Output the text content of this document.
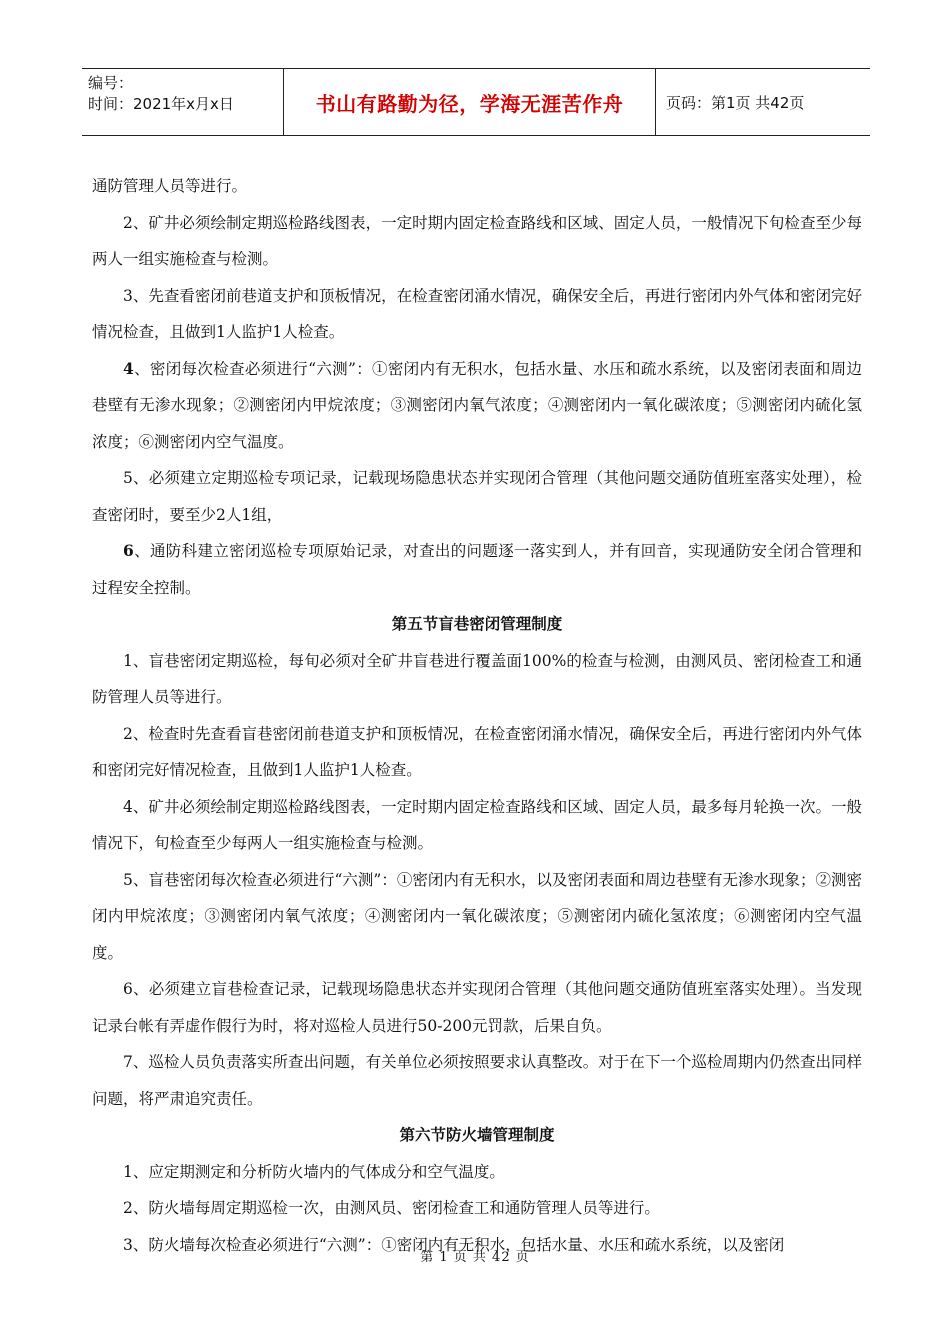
编号：
时间：2021年x月x日	书山有路勤为径，学海无涯苦作舟	页码：第1页 共42页

通防管理人员等进行。

2、矿井必须绘制定期巡检路线图表，一定时期内固定检查路线和区域、固定人员，一般情况下旬检查至少每两人一组实施检查与检测。

3、先查看密闭前巷道支护和顶板情况，在检查密闭涌水情况，确保安全后，再进行密闭内外气体和密闭完好情况检查，且做到1人监护1人检查。

4、密闭每次检查必须进行“六测”：①密闭内有无积水，包括水量、水压和疏水系统，以及密闭表面和周边巷壁有无渗水现象；②测密闭内甲烷浓度；③测密闭内氧气浓度；④测密闭内一氧化碳浓度；⑤测密闭内硫化氢浓度；⑥测密闭内空气温度。

5、必须建立定期巡检专项记录，记载现场隐患状态并实现闭合管理（其他问题交通防值班室落实处理），检查密闭时，要至少2人1组，

6、通防科建立密闭巡检专项原始记录，对查出的问题逐一落实到人，并有回音，实现通防安全闭合管理和过程安全控制。

第五节盲巷密闭管理制度

1、盲巷密闭定期巡检，每旬必须对全矿井盲巷进行覆盖面100%的检查与检测，由测风员、密闭检查工和通防管理人员等进行。

2、检查时先查看盲巷密闭前巷道支护和顶板情况，在检查密闭涌水情况，确保安全后，再进行密闭内外气体和密闭完好情况检查，且做到1人监护1人检查。

4、矿井必须绘制定期巡检路线图表，一定时期内固定检查路线和区域、固定人员，最多每月轮换一次。一般情况下，旬检查至少每两人一组实施检查与检测。

5、盲巷密闭每次检查必须进行“六测”：①密闭内有无积水，以及密闭表面和周边巷壁有无渗水现象；②测密闭内甲烷浓度；③测密闭内氧气浓度；④测密闭内一氧化碳浓度；⑤测密闭内硫化氢浓度；⑥测密闭内空气温度。

6、必须建立盲巷检查记录，记载现场隐患状态并实现闭合管理（其他问题交通防值班室落实处理）。当发现记录台帐有弄虚作假行为时，将对巡检人员进行50-200元罚款，后果自负。

7、巡检人员负责落实所查出问题，有关单位必须按照要求认真整改。对于在下一个巡检周期内仍然查出同样问题，将严肃追究责任。

第六节防火墙管理制度

1、应定期测定和分析防火墙内的气体成分和空气温度。

2、防火墙每周定期巡检一次，由测风员、密闭检查工和通防管理人员等进行。

3、防火墙每次检查必须进行“六测”：①密闭内有无积水，包括水量、水压和疏水系统，以及密闭

第 1 页 共 42 页
